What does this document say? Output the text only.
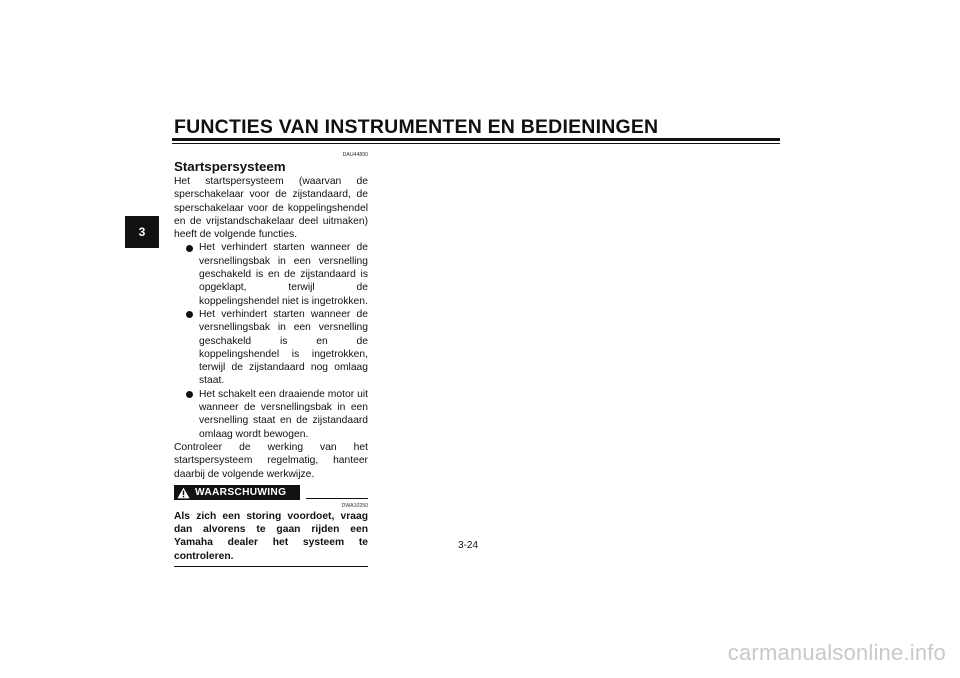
FUNCTIES VAN INSTRUMENTEN EN BEDIENINGEN
3
DAU44890
Startspersysteem
Het startspersysteem (waarvan de sperschakelaar voor de zijstandaard, de sperschakelaar voor de koppelingshendel en de vrijstandschakelaar deel uitmaken) heeft de volgende functies.
Het verhindert starten wanneer de versnellingsbak in een versnelling geschakeld is en de zijstandaard is opgeklapt, terwijl de koppelingshendel niet is ingetrokken.
Het verhindert starten wanneer de versnellingsbak in een versnelling geschakeld is en de koppelingshendel is ingetrokken, terwijl de zijstandaard nog omlaag staat.
Het schakelt een draaiende motor uit wanneer de versnellingsbak in een versnelling staat en de zijstandaard omlaag wordt bewogen.
Controleer de werking van het startspersysteem regelmatig, hanteer daarbij de volgende werkwijze.
WAARSCHUWING
DWA10250
Als zich een storing voordoet, vraag dan alvorens te gaan rijden een Yamaha dealer het systeem te controleren.
3-24
carmanualsonline.info
